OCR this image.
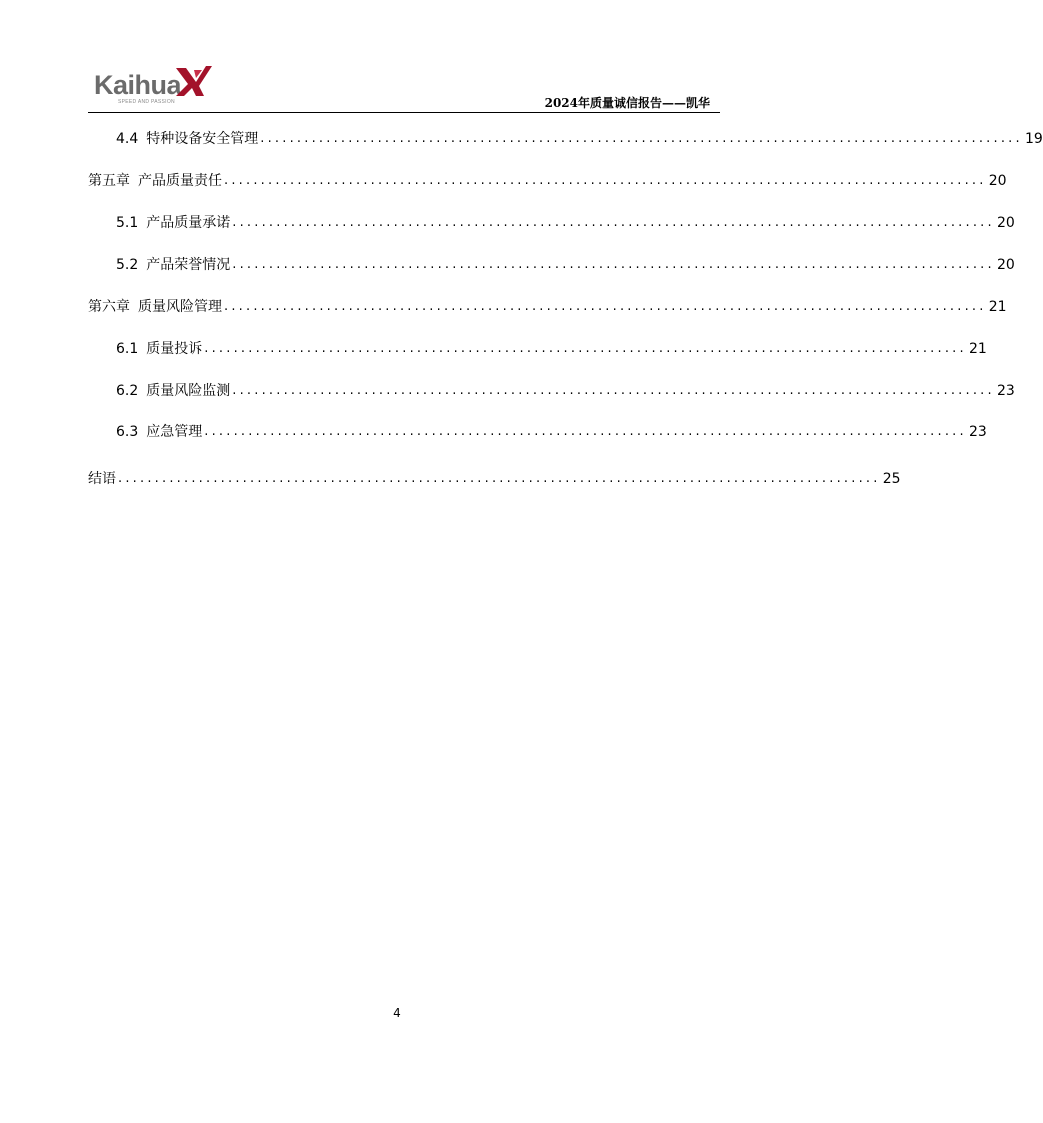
Kaihua
SPEED AND PASSION	2024年质量诚信报告——凯华
4.4 特种设备安全管理 ........................................................................................................ 19
第五章 产品质量责任 ........................................................................................................ 20
5.1 产品质量承诺 ........................................................................................................ 20
5.2 产品荣誉情况 ........................................................................................................ 20
第六章 质量风险管理 ........................................................................................................ 21
6.1 质量投诉 ........................................................................................................ 21
6.2 质量风险监测 ........................................................................................................ 23
6.3 应急管理 ........................................................................................................ 23
结 语 ........................................................................................................ 25
4
